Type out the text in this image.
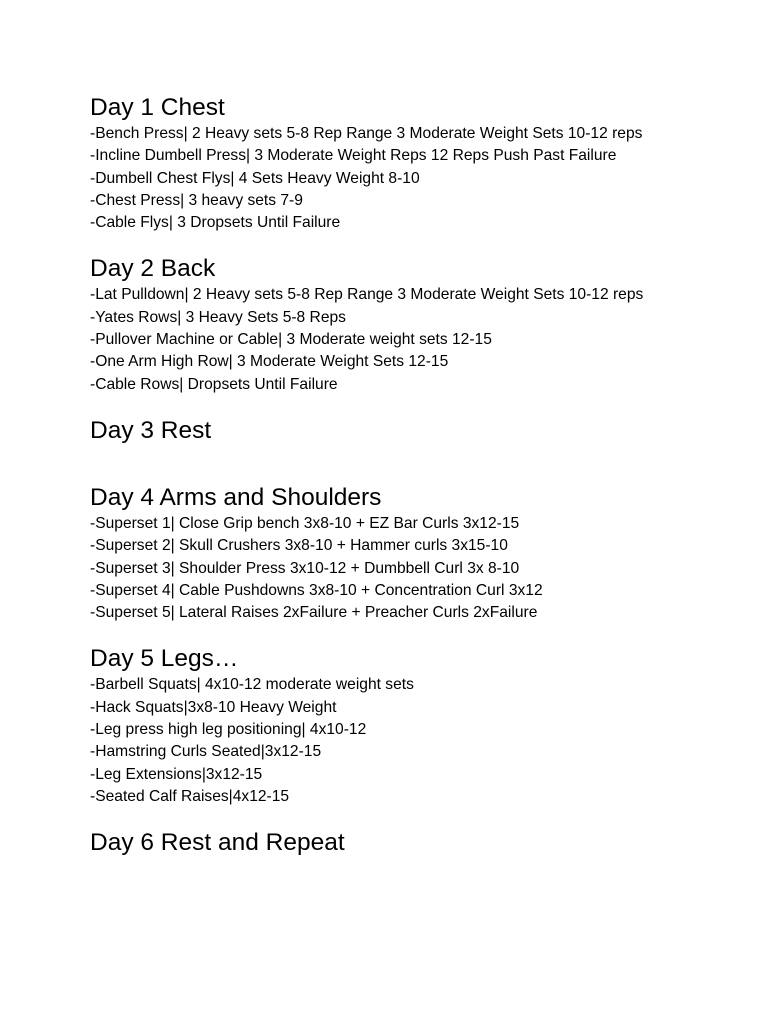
Day 1 Chest
-Bench Press| 2 Heavy sets 5-8 Rep Range 3 Moderate Weight Sets 10-12 reps
-Incline Dumbell Press| 3 Moderate Weight Reps 12 Reps Push Past Failure
-Dumbell Chest Flys| 4 Sets Heavy Weight 8-10
-Chest Press| 3 heavy sets 7-9
-Cable Flys| 3 Dropsets Until Failure
Day 2 Back
-Lat Pulldown| 2 Heavy sets 5-8 Rep Range 3 Moderate Weight Sets 10-12 reps
-Yates Rows| 3 Heavy Sets 5-8 Reps
-Pullover Machine or Cable| 3 Moderate weight sets 12-15
-One Arm High Row| 3 Moderate Weight Sets 12-15
-Cable Rows| Dropsets Until Failure
Day 3 Rest
Day 4 Arms and Shoulders
-Superset 1| Close Grip bench 3x8-10 + EZ Bar Curls 3x12-15
-Superset 2| Skull Crushers 3x8-10 + Hammer curls 3x15-10
-Superset 3| Shoulder Press 3x10-12 + Dumbbell Curl 3x 8-10
-Superset 4| Cable Pushdowns 3x8-10 + Concentration Curl 3x12
-Superset 5| Lateral Raises 2xFailure + Preacher Curls 2xFailure
Day 5 Legs…
-Barbell Squats| 4x10-12 moderate weight sets
-Hack Squats|3x8-10 Heavy Weight
-Leg press high leg positioning| 4x10-12
-Hamstring Curls Seated|3x12-15
-Leg Extensions|3x12-15
-Seated Calf Raises|4x12-15
Day 6 Rest and Repeat
